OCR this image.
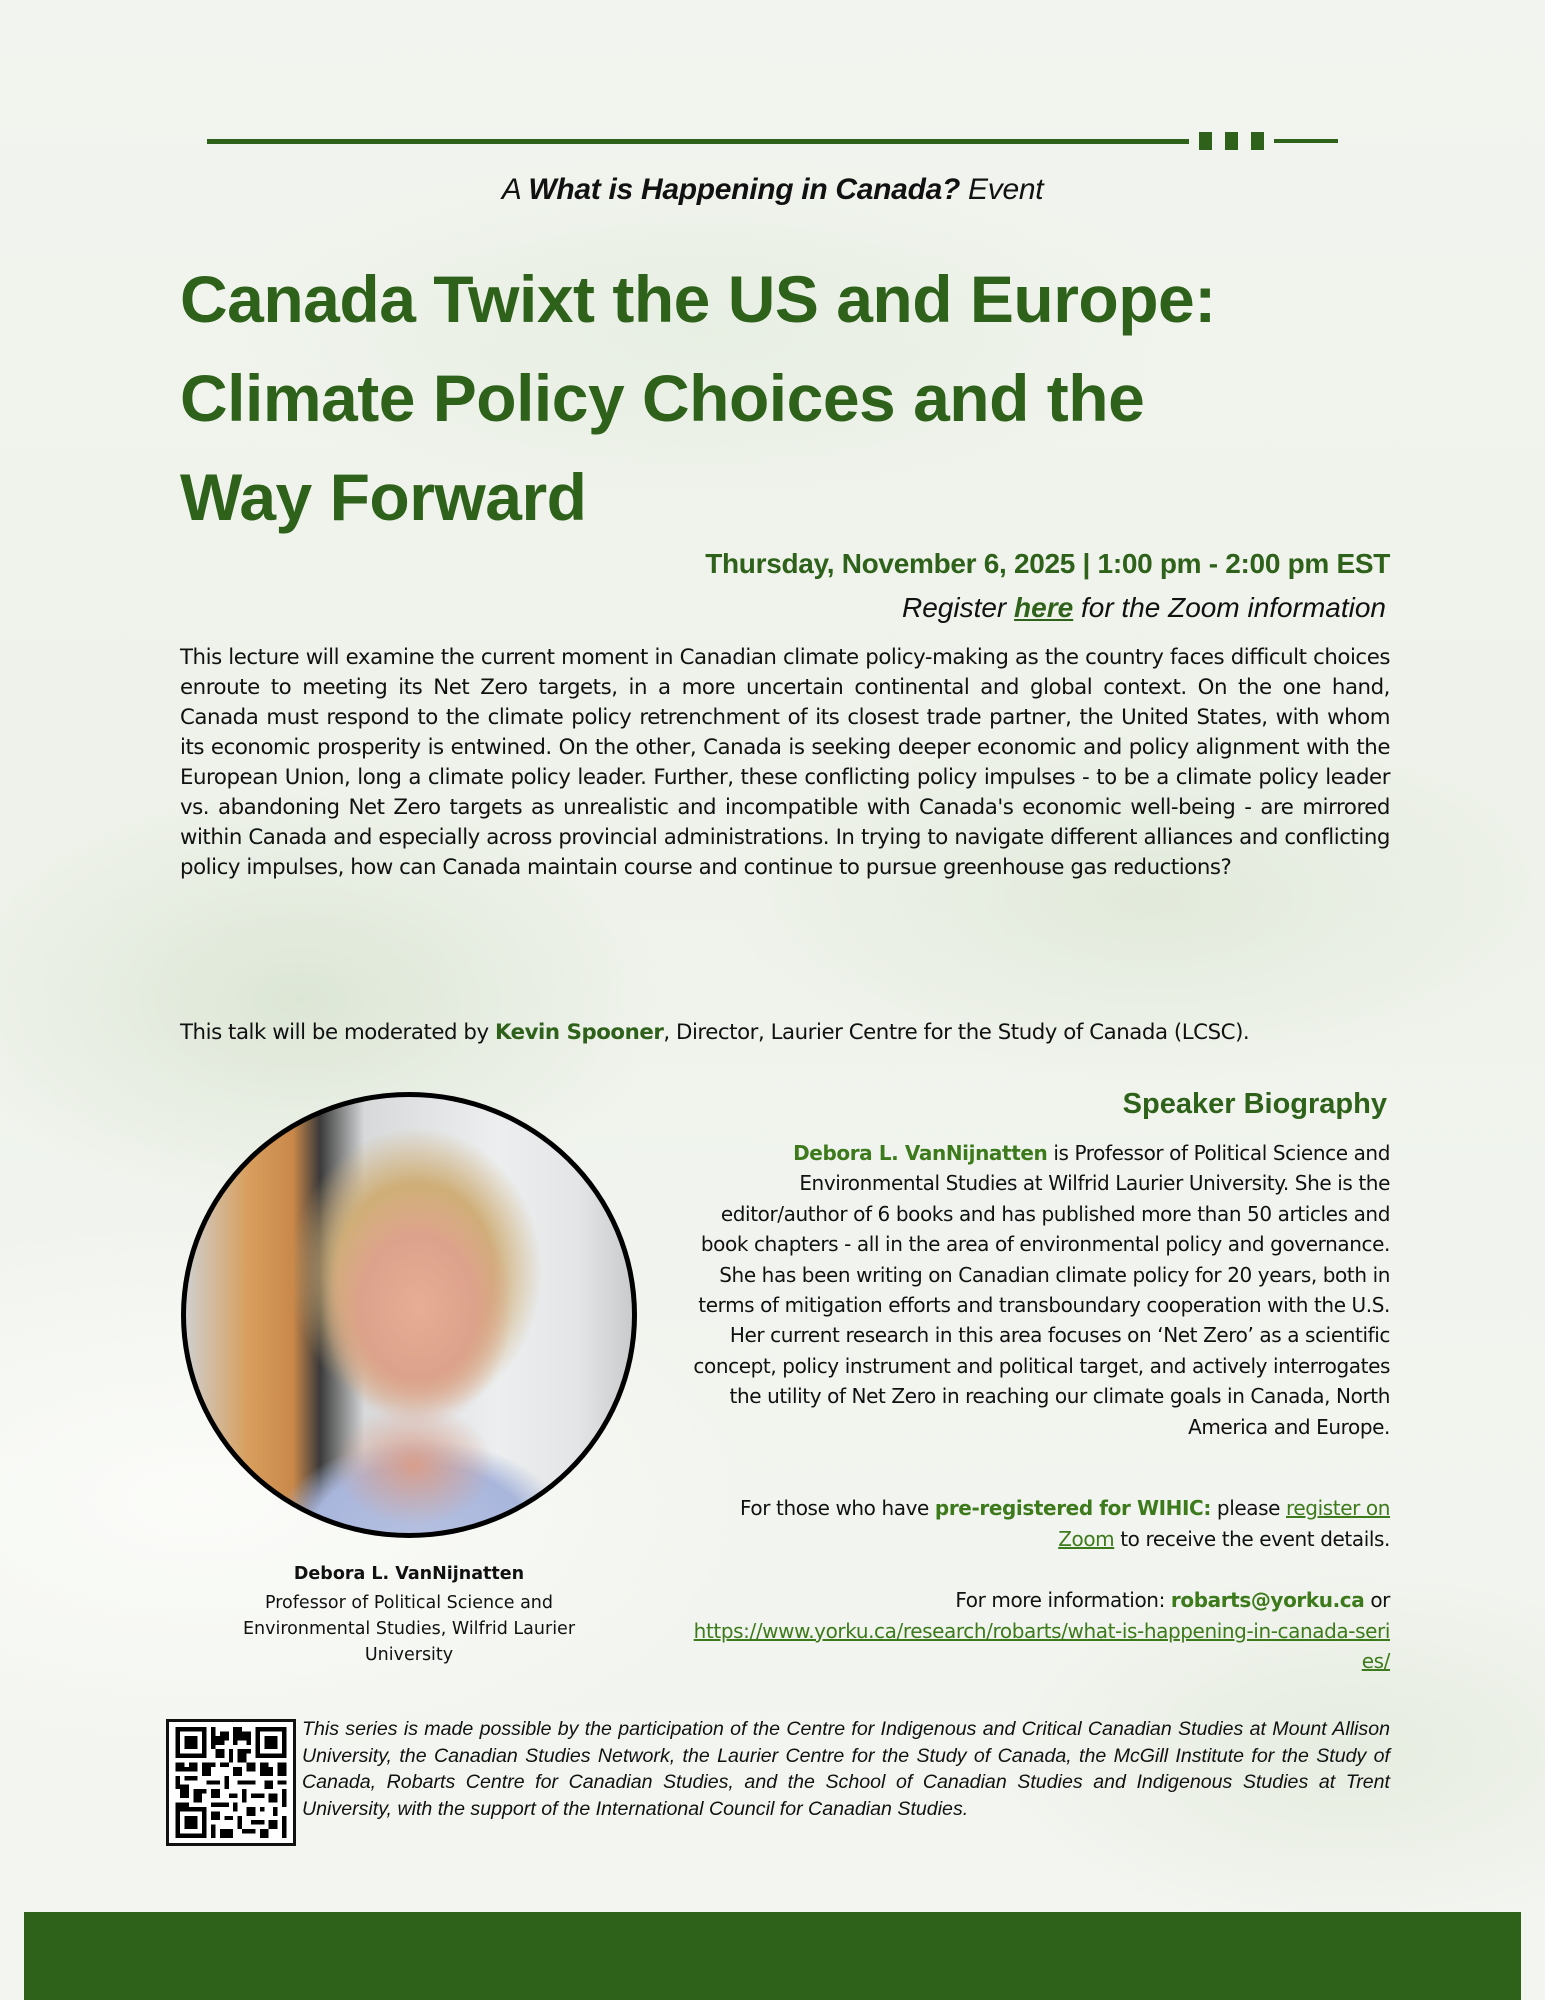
A What is Happening in Canada? Event
Canada Twixt the US and Europe:
Climate Policy Choices and the
Way Forward
Thursday, November 6, 2025 | 1:00 pm - 2:00 pm EST
Register here for the Zoom information
This lecture will examine the current moment in Canadian climate policy-making as the country faces difficult choices enroute to meeting its Net Zero targets, in a more uncertain continental and global context. On the one hand, Canada must respond to the climate policy retrenchment of its closest trade partner, the United States, with whom its economic prosperity is entwined. On the other, Canada is seeking deeper economic and policy alignment with the European Union, long a climate policy leader. Further, these conflicting policy impulses - to be a climate policy leader vs. abandoning Net Zero targets as unrealistic and incompatible with Canada's economic well-being - are mirrored within Canada and especially across provincial administrations. In trying to navigate different alliances and conflicting policy impulses, how can Canada maintain course and continue to pursue greenhouse gas reductions?
This talk will be moderated by Kevin Spooner, Director, Laurier Centre for the Study of Canada (LCSC).
Debora L. VanNijnatten
Professor of Political Science and Environmental Studies, Wilfrid Laurier University
Speaker Biography
Debora L. VanNijnatten is Professor of Political Science and Environmental Studies at Wilfrid Laurier University. She is the editor/author of 6 books and has published more than 50 articles and book chapters - all in the area of environmental policy and governance. She has been writing on Canadian climate policy for 20 years, both in terms of mitigation efforts and transboundary cooperation with the U.S.
Her current research in this area focuses on ‘Net Zero’ as a scientific concept, policy instrument and political target, and actively interrogates the utility of Net Zero in reaching our climate goals in Canada, North America and Europe.
For those who have pre-registered for WIHIC: please register on Zoom to receive the event details.
For more information: robarts@yorku.ca or
https://www.yorku.ca/research/robarts/what-is-happening-in-canada-series/
This series is made possible by the participation of the Centre for Indigenous and Critical Canadian Studies at Mount Allison University, the Canadian Studies Network, the Laurier Centre for the Study of Canada, the McGill Institute for the Study of Canada, Robarts Centre for Canadian Studies, and the School of Canadian Studies and Indigenous Studies at Trent University, with the support of the International Council for Canadian Studies.
